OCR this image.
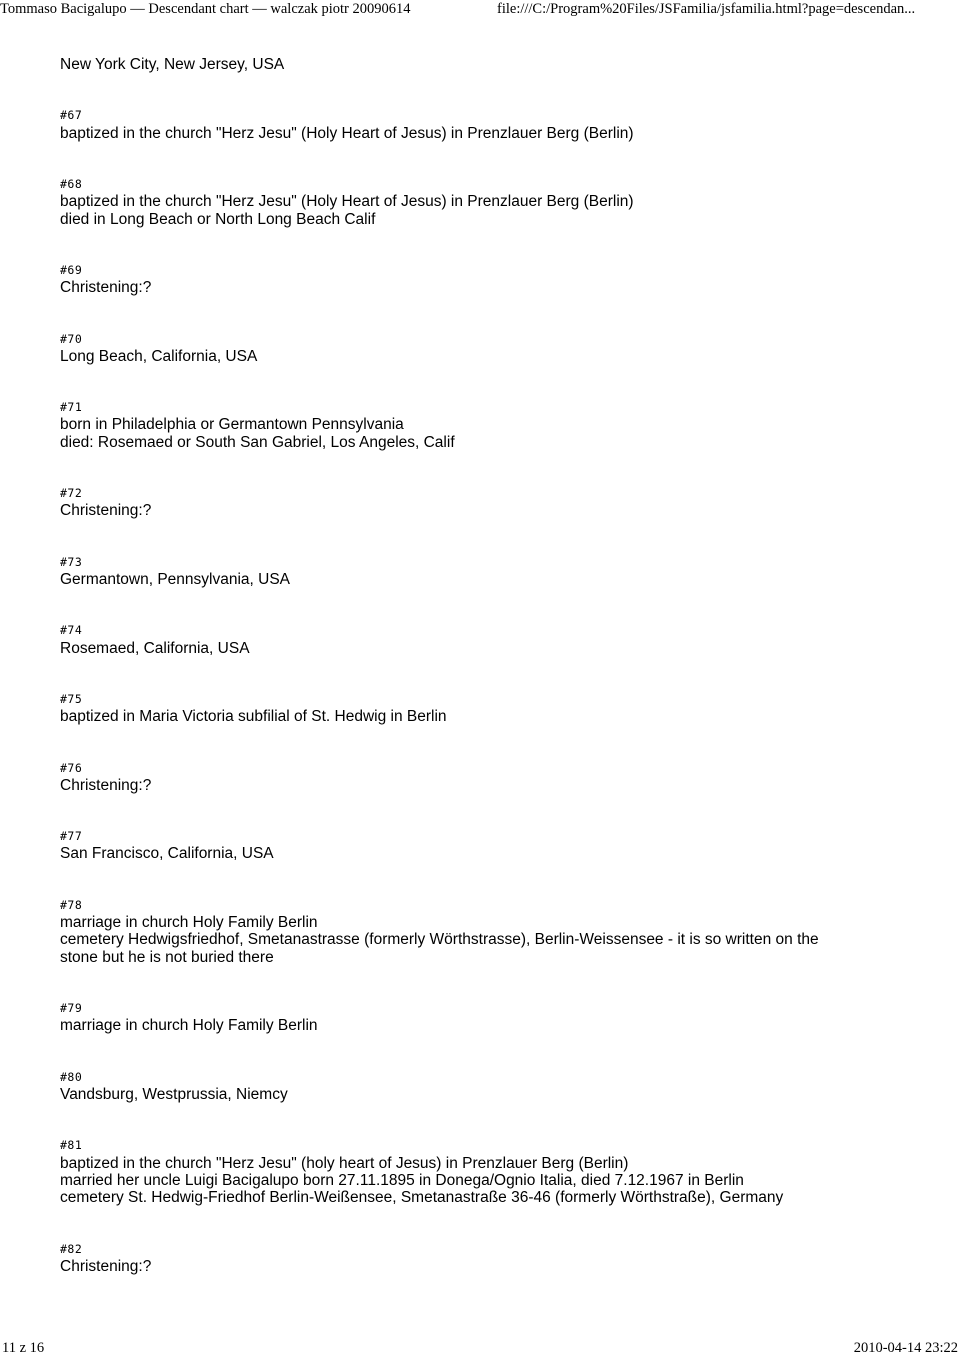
Tommaso Bacigalupo — Descendant chart — walczak piotr 20090614	file:///C:/Program%20Files/JSFamilia/jsfamilia.html?page=descendan...
New York City, New Jersey, USA
#67
baptized in the church "Herz Jesu" (Holy Heart of Jesus) in Prenzlauer Berg (Berlin)
#68
baptized in the church "Herz Jesu" (Holy Heart of Jesus) in Prenzlauer Berg (Berlin)
died in Long Beach or North Long Beach Calif
#69
Christening:?
#70
Long Beach, California, USA
#71
born in Philadelphia or Germantown Pennsylvania
died: Rosemaed or South San Gabriel, Los Angeles, Calif
#72
Christening:?
#73
Germantown, Pennsylvania, USA
#74
Rosemaed, California, USA
#75
baptized in Maria Victoria subfilial of St. Hedwig in Berlin
#76
Christening:?
#77
San Francisco, California, USA
#78
marriage in church Holy Family Berlin
cemetery Hedwigsfriedhof, Smetanastrasse (formerly Wörthstrasse), Berlin-Weissensee - it is so written on the
stone but he is not buried there
#79
marriage in church Holy Family Berlin
#80
Vandsburg, Westprussia, Niemcy
#81
baptized in the church "Herz Jesu" (holy heart of Jesus) in Prenzlauer Berg (Berlin)
married her uncle Luigi Bacigalupo born 27.11.1895 in Donega/Ognio Italia, died 7.12.1967 in Berlin
cemetery St. Hedwig-Friedhof Berlin-Weißensee, Smetanastraße 36-46 (formerly Wörthstraße), Germany
#82
Christening:?
11 z 16	2010-04-14 23:22
